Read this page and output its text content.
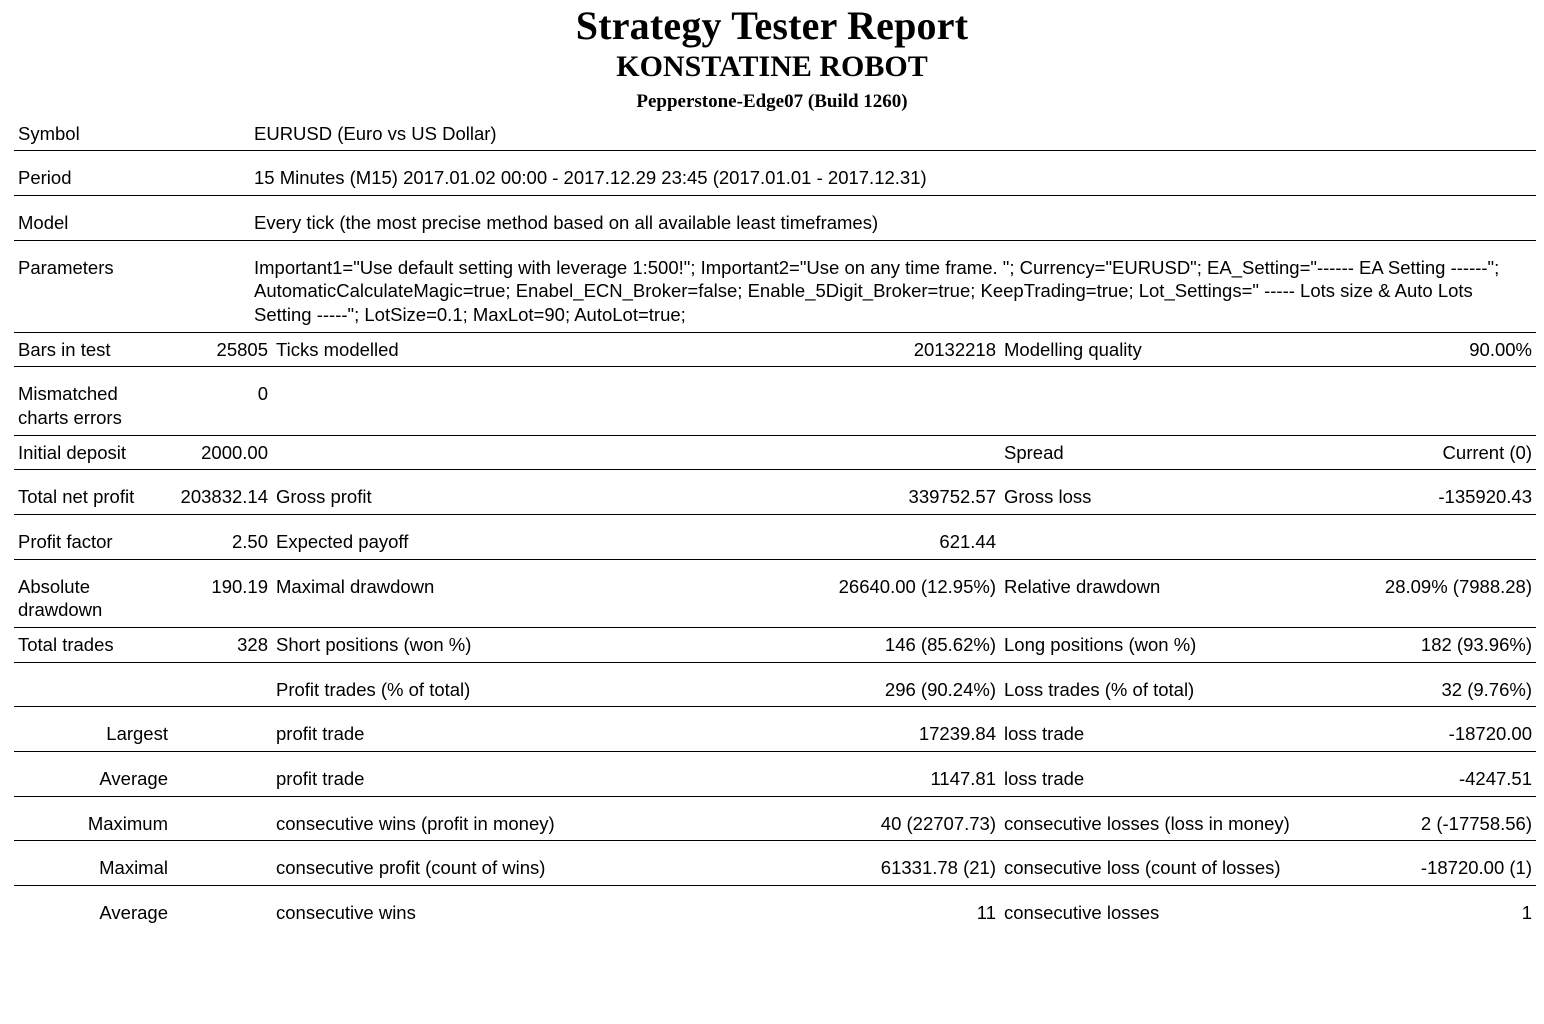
Strategy Tester Report
KONSTATINE ROBOT
Pepperstone-Edge07 (Build 1260)
Symbol	EURUSD (Euro vs US Dollar)

Period	15 Minutes (M15) 2017.01.02 00:00 - 2017.12.29 23:45 (2017.01.01 - 2017.12.31)

Model	Every tick (the most precise method based on all available least timeframes)

Parameters	Important1="Use default setting with leverage 1:500!"; Important2="Use on any time frame. "; Currency="EURUSD"; EA_Setting="------ EA Setting ------"; AutomaticCalculateMagic=true; Enabel_ECN_Broker=false; Enable_5Digit_Broker=true; KeepTrading=true; Lot_Settings=" ----- Lots size & Auto Lots Setting -----"; LotSize=0.1; MaxLot=90; AutoLot=true;
Bars in test	25805	Ticks modelled	20132218	Modelling quality	90.00%

Mismatched charts errors	0				
Initial deposit	2000.00			Spread	Current (0)

Total net profit	203832.14	Gross profit	339752.57	Gross loss	-135920.43

Profit factor	2.50	Expected payoff	621.44		

Absolute drawdown	190.19	Maximal drawdown	26640.00 (12.95%)	Relative drawdown	28.09% (7988.28)
Total trades	328	Short positions (won %)	146 (85.62%)	Long positions (won %)	182 (93.96%)

		Profit trades (% of total)	296 (90.24%)	Loss trades (% of total)	32 (9.76%)

Largest		profit trade	17239.84	loss trade	-18720.00

Average		profit trade	1147.81	loss trade	-4247.51

Maximum		consecutive wins (profit in money)	40 (22707.73)	consecutive losses (loss in money)	2 (-17758.56)

Maximal		consecutive profit (count of wins)	61331.78 (21)	consecutive loss (count of losses)	-18720.00 (1)

Average		consecutive wins	11	consecutive losses	1
